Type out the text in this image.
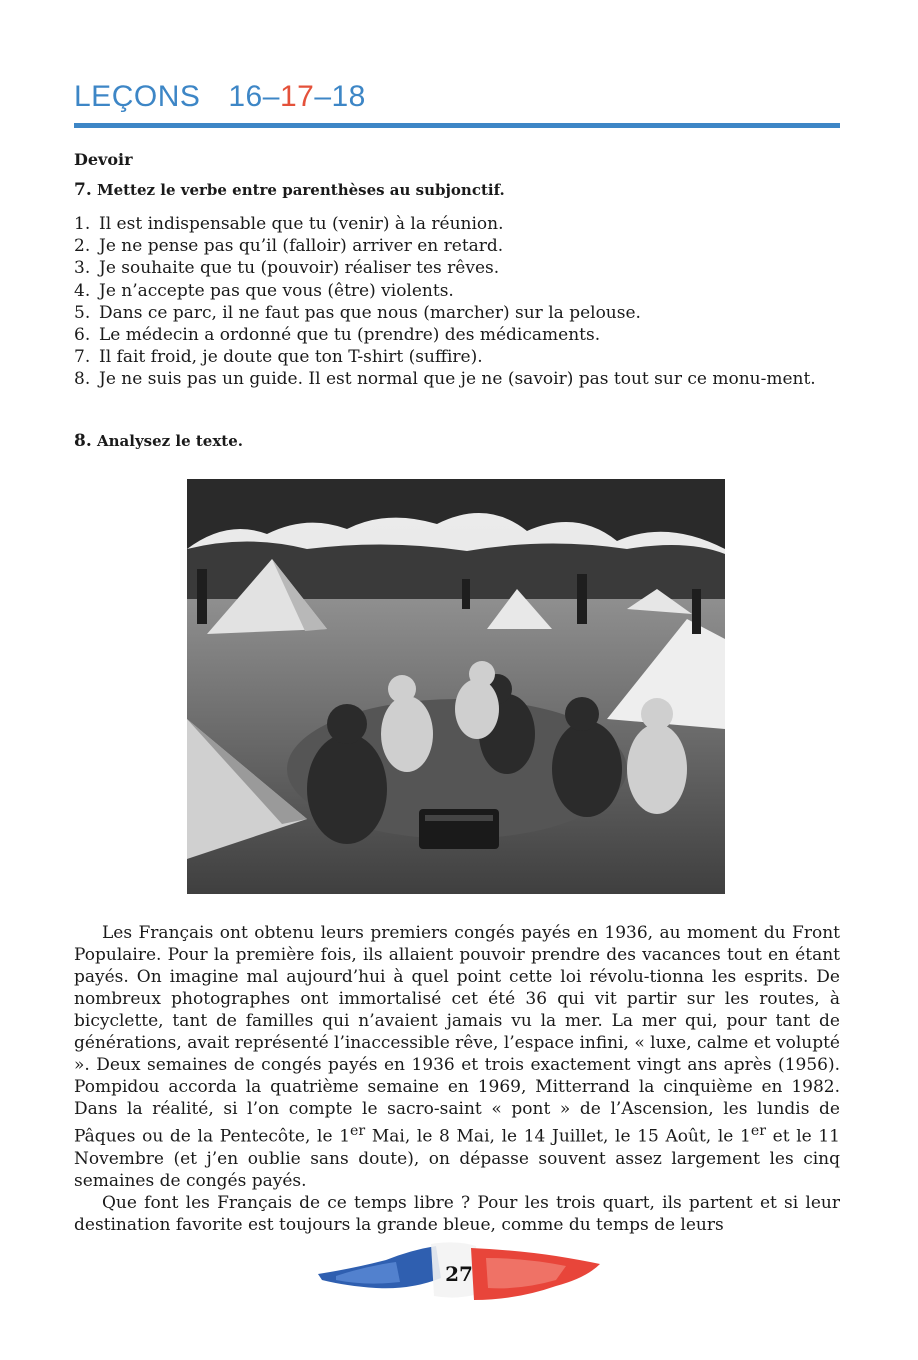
LEÇONS 16–17–18
Devoir
7. Mettez le verbe entre parenthèses au subjonctif.
1. Il est indispensable que tu (venir) à la réunion.
2. Je ne pense pas qu’il (falloir) arriver en retard.
3. Je souhaite que tu (pouvoir) réaliser tes rêves.
4. Je n’accepte pas que vous (être) violents.
5. Dans ce parc, il ne faut pas que nous (marcher) sur la pelouse.
6. Le médecin a ordonné que tu (prendre) des médicaments.
7. Il fait froid, je doute que ton T-shirt (suffire).
8. Je ne suis pas un guide. Il est normal que je ne (savoir) pas tout sur ce monu-ment.
8. Analysez le texte.

Les Français ont obtenu leurs premiers congés payés en 1936, au moment du Front Populaire. Pour la première fois, ils allaient pouvoir prendre des vacances tout en étant payés. On imagine mal aujourd’hui à quel point cette loi révolu-tionna les esprits. De nombreux photographes ont immortalisé cet été 36 qui vit partir sur les routes, à bicyclette, tant de familles qui n’avaient jamais vu la mer. La mer qui, pour tant de générations, avait représenté l’inaccessible rêve, l’espace infini, « luxe, calme et volupté ». Deux semaines de congés payés en 1936 et trois exactement vingt ans après (1956). Pompidou accorda la quatrième semaine en 1969, Mitterrand la cinquième en 1982. Dans la réalité, si l’on compte le sacro-saint « pont » de l’Ascension, les lundis de Pâques ou de la Pentecôte, le 1er Mai, le 8 Mai, le 14 Juillet, le 15 Août, le 1er et le 11 Novembre (et j’en oublie sans doute), on dépasse souvent assez largement les cinq semaines de congés payés.

Que font les Français de ce temps libre ? Pour les trois quart, ils partent et si leur destination favorite est toujours la grande bleue, comme du temps de leurs

27
